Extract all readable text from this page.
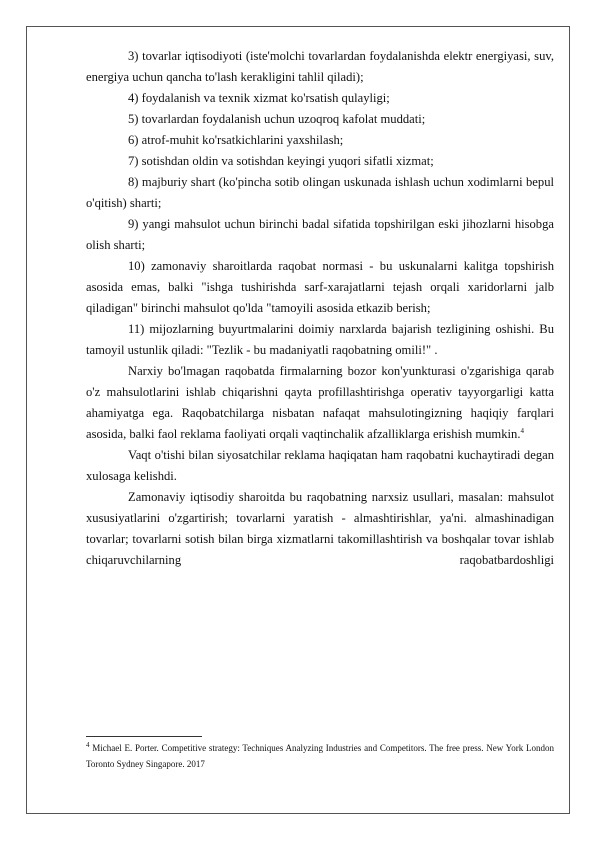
3) tovarlar iqtisodiyoti (iste'molchi tovarlardan foydalanishda elektr energiyasi, suv, energiya uchun qancha to'lash kerakligini tahlil qiladi);

4) foydalanish va texnik xizmat ko'rsatish qulayligi;

5) tovarlardan foydalanish uchun uzoqroq kafolat muddati;

6) atrof-muhit ko'rsatkichlarini yaxshilash;

7) sotishdan oldin va sotishdan keyingi yuqori sifatli xizmat;

8) majburiy shart (ko'pincha sotib olingan uskunada ishlash uchun xodimlarni bepul o'qitish) sharti;

9) yangi mahsulot uchun birinchi badal sifatida topshirilgan eski jihozlarni hisobga olish sharti;

10) zamonaviy sharoitlarda raqobat normasi - bu uskunalarni kalitga topshirish asosida emas, balki "ishga tushirishda sarf-xarajatlarni tejash orqali xaridorlarni jalb qiladigan" birinchi mahsulot qo'lda "tamoyili asosida etkazib berish;

11) mijozlarning buyurtmalarini doimiy narxlarda bajarish tezligining oshishi. Bu tamoyil ustunlik qiladi: "Tezlik - bu madaniyatli raqobatning omili!" .

Narxiy bo'lmagan raqobatda firmalarning bozor kon'yunkturasi o'zgarishiga qarab o'z mahsulotlarini ishlab chiqarishni qayta profillashtirishga operativ tayyorgarligi katta ahamiyatga ega. Raqobatchilarga nisbatan nafaqat mahsulotingizning haqiqiy farqlari asosida, balki faol reklama faoliyati orqali vaqtinchalik afzalliklarga erishish mumkin.$^4$

Vaqt o'tishi bilan siyosatchilar reklama haqiqatan ham raqobatni kuchaytiradi degan xulosaga kelishdi.

Zamonaviy iqtisodiy sharoitda bu raqobatning narxsiz usullari, masalan: mahsulot xususiyatlarini o'zgartirish; tovarlarni yaratish - almashtirishlar, ya'ni. almashinadigan tovarlar; tovarlarni sotish bilan birga xizmatlarni takomillashtirish va boshqalar tovar ishlab chiqaruvchilarning raqobatbardoshligi

$^4$ Michael E. Porter. Competitive strategy: Techniques Analyzing Industries and Competitors. The free press. New York London Toronto Sydney Singapore. 2017
